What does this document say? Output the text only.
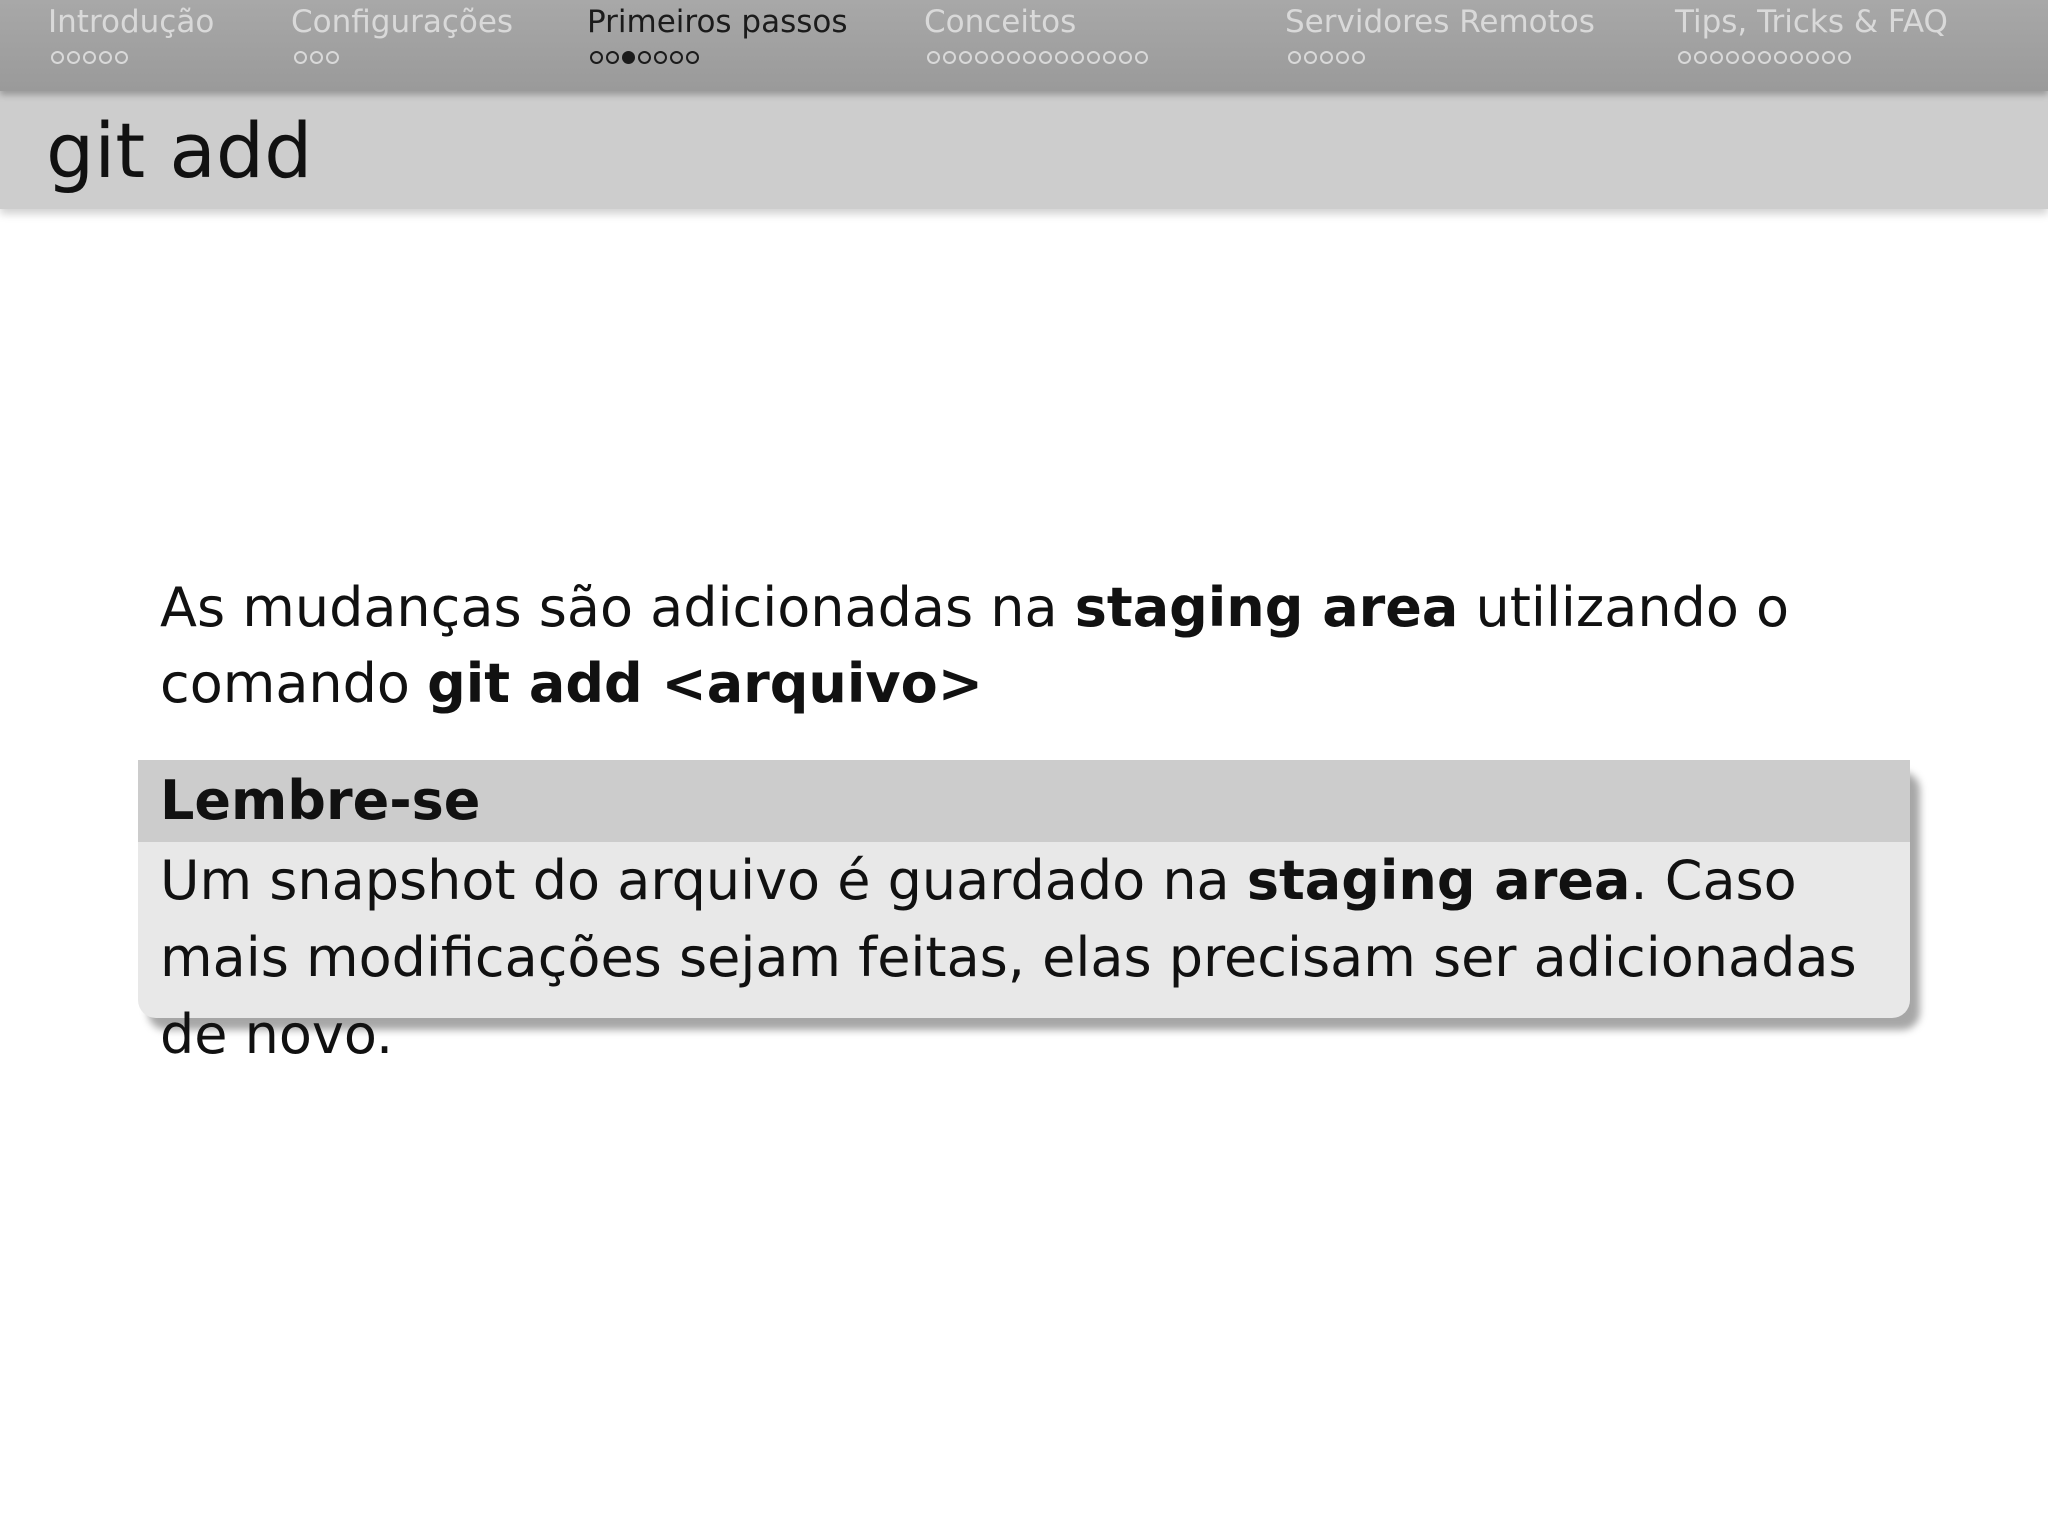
Introdução Configurações Primeiros passos Conceitos	Servidores Remotos	Tips, Tricks & FAQ
git add

As mudanças são adicionadas na staging area utilizando o comando git add <arquivo>

Lembre-se

Um snapshot do arquivo é guardado na staging area. Caso mais modificações sejam feitas, elas precisam ser adicionadas de novo.
